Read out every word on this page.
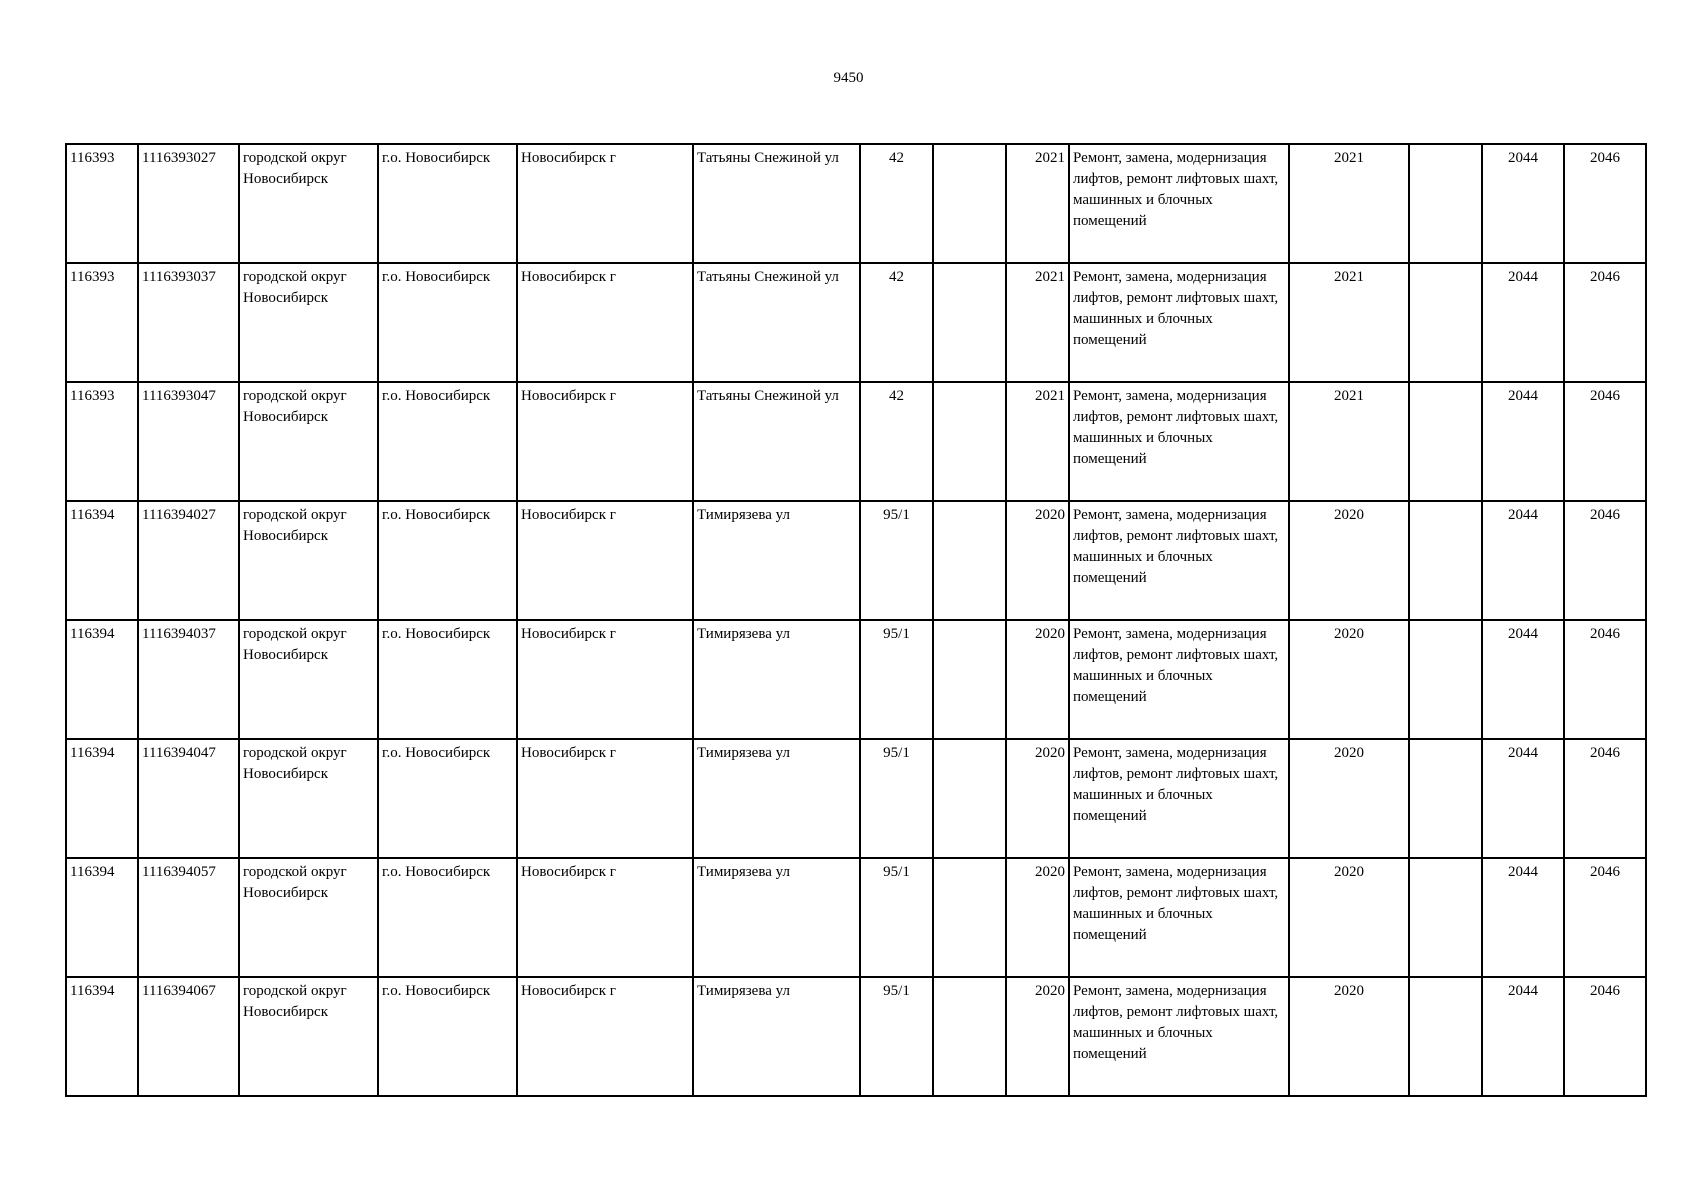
9450
116393	1116393027	городской округ Новосибирск	г.о. Новосибирск	Новосибирск г	Татьяны Снежиной ул	42		2021	Ремонт, замена, модернизация лифтов, ремонт лифтовых шахт, машинных и блочных помещений	2021		2044	2046
116393	1116393037	городской округ Новосибирск	г.о. Новосибирск	Новосибирск г	Татьяны Снежиной ул	42		2021	Ремонт, замена, модернизация лифтов, ремонт лифтовых шахт, машинных и блочных помещений	2021		2044	2046
116393	1116393047	городской округ Новосибирск	г.о. Новосибирск	Новосибирск г	Татьяны Снежиной ул	42		2021	Ремонт, замена, модернизация лифтов, ремонт лифтовых шахт, машинных и блочных помещений	2021		2044	2046
116394	1116394027	городской округ Новосибирск	г.о. Новосибирск	Новосибирск г	Тимирязева ул	95/1		2020	Ремонт, замена, модернизация лифтов, ремонт лифтовых шахт, машинных и блочных помещений	2020		2044	2046
116394	1116394037	городской округ Новосибирск	г.о. Новосибирск	Новосибирск г	Тимирязева ул	95/1		2020	Ремонт, замена, модернизация лифтов, ремонт лифтовых шахт, машинных и блочных помещений	2020		2044	2046
116394	1116394047	городской округ Новосибирск	г.о. Новосибирск	Новосибирск г	Тимирязева ул	95/1		2020	Ремонт, замена, модернизация лифтов, ремонт лифтовых шахт, машинных и блочных помещений	2020		2044	2046
116394	1116394057	городской округ Новосибирск	г.о. Новосибирск	Новосибирск г	Тимирязева ул	95/1		2020	Ремонт, замена, модернизация лифтов, ремонт лифтовых шахт, машинных и блочных помещений	2020		2044	2046
116394	1116394067	городской округ Новосибирск	г.о. Новосибирск	Новосибирск г	Тимирязева ул	95/1		2020	Ремонт, замена, модернизация лифтов, ремонт лифтовых шахт, машинных и блочных помещений	2020		2044	2046
